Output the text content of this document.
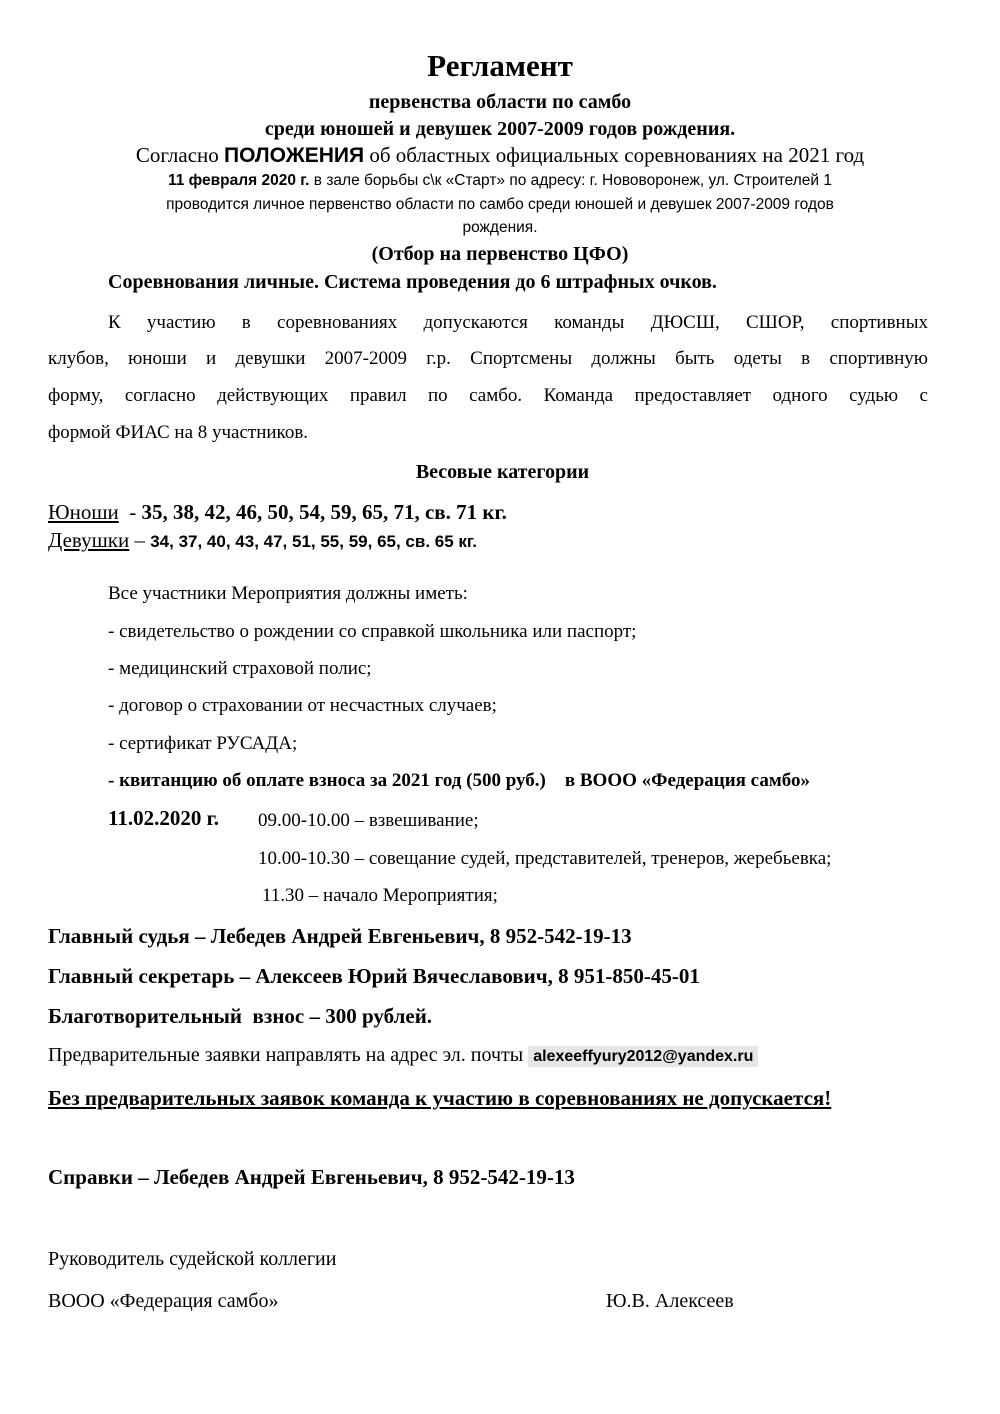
Регламент
первенства области по самбо
среди юношей и девушек 2007-2009 годов рождения.
Согласно ПОЛОЖЕНИЯ об областных официальных соревнованиях на 2021 год
11 февраля 2020 г. в зале борьбы с\к «Старт» по адресу: г. Нововоронеж, ул. Строителей 1
проводится личное первенство области по самбо среди юношей и девушек 2007-2009 годов
рождения.
(Отбор на первенство ЦФО)
Соревнования личные. Система проведения до 6 штрафных очков.
К участию в соревнованиях допускаются команды ДЮСШ, СШОР, спортивных
клубов, юноши и девушки 2007-2009 г.р. Спортсмены должны быть одеты в спортивную
форму, согласно действующих правил по самбо. Команда предоставляет одного судью с
формой ФИАС на 8 участников.
Весовые категории
Юноши  - 35, 38, 42, 46, 50, 54, 59, 65, 71, св. 71 кг.
Девушки – 34, 37, 40, 43, 47, 51, 55, 59, 65, св. 65 кг.
Все участники Мероприятия должны иметь:
- свидетельство о рождении со справкой школьника или паспорт;
- медицинский страховой полис;
- договор о страховании от несчастных случаев;
- сертификат РУСАДА;
- квитанцию об оплате взноса за 2021 год (500 руб.)    в ВООО «Федерация самбо»
11.02.2020 г. 09.00-10.00 – взвешивание;
10.00-10.30 – совещание судей, представителей, тренеров, жеребьевка;
11.30 – начало Мероприятия;
Главный судья – Лебедев Андрей Евгеньевич, 8 952-542-19-13
Главный секретарь – Алексеев Юрий Вячеславович, 8 951-850-45-01
Благотворительный  взнос – 300 рублей.
Предварительные заявки направлять на адрес эл. почты alexeeffyury2012@yandex.ru
Без предварительных заявок команда к участию в соревнованиях не допускается!
Справки – Лебедев Андрей Евгеньевич, 8 952-542-19-13
Руководитель судейской коллегии
ВООО «Федерация самбо»	Ю.В. Алексеев
